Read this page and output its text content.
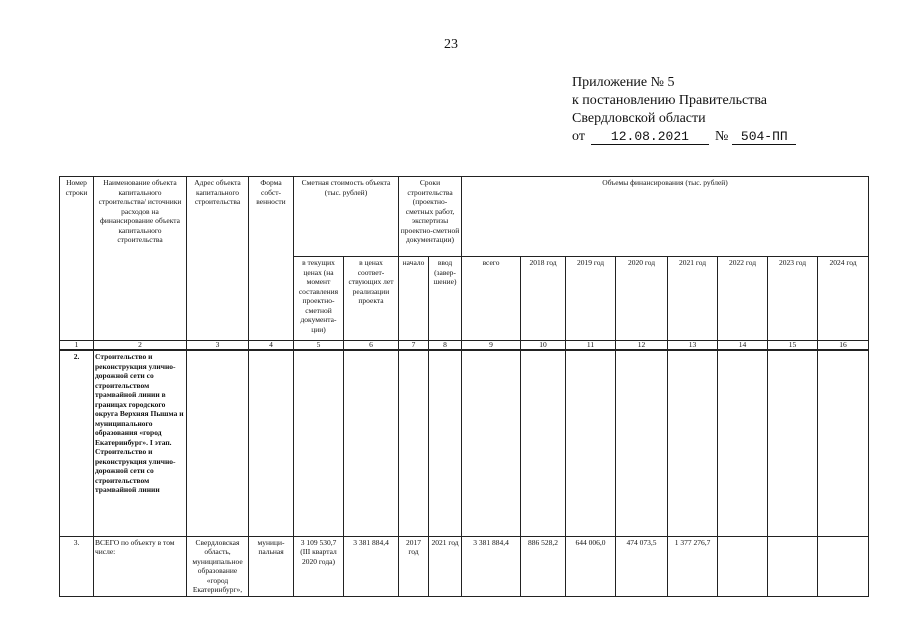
23
Приложение № 5
к постановлению Правительства
Свердловской области
от	12.08.2021	№ 504-ПП
Номер строки	Наименование объекта капитального строительства/ источники расходов на финансирование объекта капитального строительства	Адрес объекта капитального строительства	Форма собст-венности	Сметная стоимость объекта (тыс. рублей)		Сроки строительства (проектно-сметных работ, экспертизы проектно-сметной документации)		Объемы финансирования (тыс. рублей)							
				в текущих ценах (на момент составления проектно-сметной документа-ции)	в ценах соответ-ствующих лет реализации проекта	начало	ввод (завер-шение)	всего	2018 год	2019 год	2020 год	2021 год	2022 год	2023 год	2024 год
1	2	3	4	5	6	7	8	9	10	11	12	13	14	15	16
2.	Строительство и реконструкция улично-дорожной сети со строительством трамвайной линии в границах городского округа Верхняя Пышма и муниципального образования «город Екатеринбург». I этап. Строительство и реконструкция улично-дорожной сети со строительством трамвайной линии														
3.	ВСЕГО по объекту в том числе:	Свердловская область, муниципальное образование «город Екатеринбург»,	муници-пальная	3 109 530,7 (III квартал 2020 года)	3 381 884,4	2017 год	2021 год	3 381 884,4	886 528,2	644 006,0	474 073,5	1 377 276,7			
